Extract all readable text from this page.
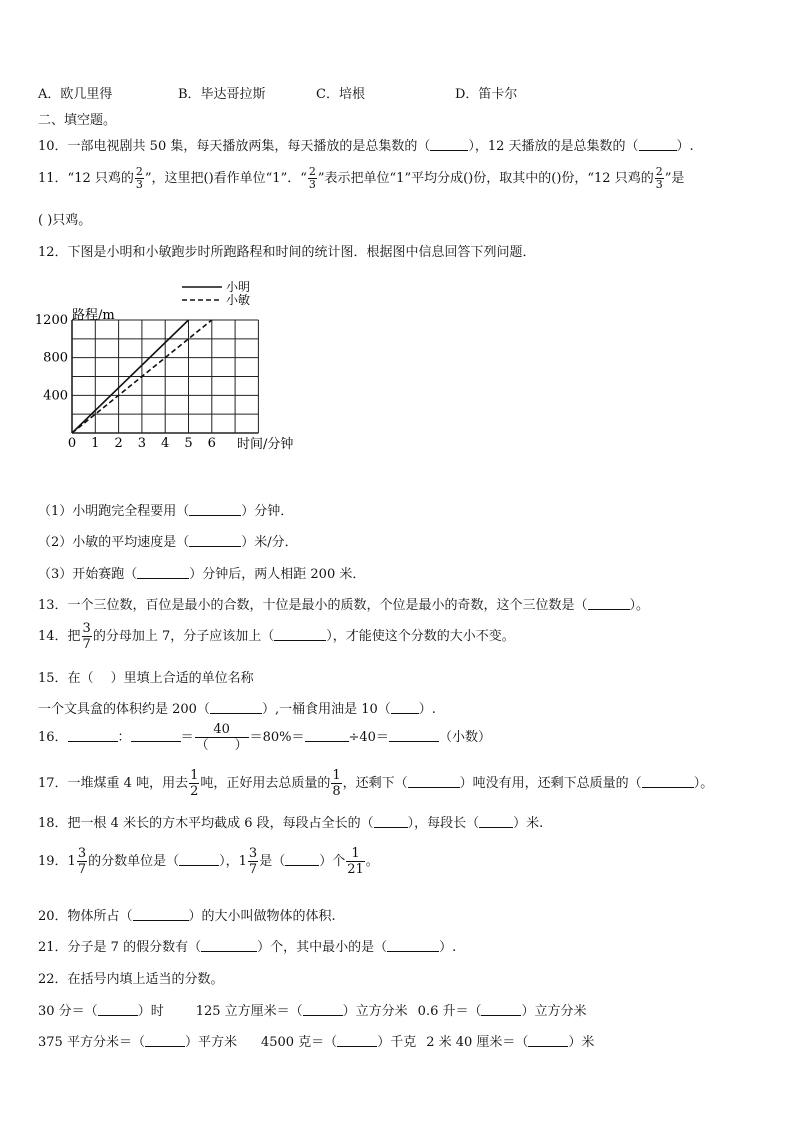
A．欧几里得	B．毕达哥拉斯	C．培根	D．笛卡尔
二、填空题。
10．一部电视剧共 50 集，每天播放两集，每天播放的是总集数的（	），12 天播放的是总集数的（	）.
11．“12 只鸡的 $\frac{2}{3}$ ”，这里把()看作单位“1”．“ $\frac{2}{3}$ ”表示把单位“1”平均分成()份，取其中的()份，“12 只鸡的 $\frac{2}{3}$ ”是
( )只鸡。
12．下图是小明和小敏跑步时所跑路程和时间的统计图．根据图中信息回答下列问题．
小明
小敏
路程/m
时间/分钟
0 1 2 3 4 5 6
400
800
1200
（1）小明跑完全程要用（	）分钟．
（2）小敏的平均速度是（	）米/分．
（3）开始赛跑（	）分钟后，两人相距 200 米．
13．一个三位数，百位是最小的合数，十位是最小的质数，个位是最小的奇数，这个三位数是（	）。
14．把 $\frac{3}{7}$ 的分母加上 7，分子应该加上（	），才能使这个分数的大小不变。
15．在（　 ）里填上合适的单位名称
一个文具盒的体积约是 200（	）,一桶食用油是 10（ ）.
16．	：	＝ $\frac{40}{( )} =80\%=$	÷40＝	（小数）
17．一堆煤重 4 吨，用去 $\frac{1}{2}$ 吨，正好用去总质量的 $\frac{1}{8}$ ，还剩下（	）吨没有用，还剩下总质量的（	）。
18．把一根 4 米长的方木平均截成 6 段，每段占全长的（	），每段长（	）米.
19．$1 \frac{3}{7}$ 的分数单位是（	），$1 \frac{3}{7}$ 是（	）个 $\frac{1}{21}$ 。
20．物体所占（	）的大小叫做物体的体积.
21．分子是 7 的假分数有（	）个，其中最小的是（	）.
22．在括号内填上适当的分数。
30 分＝（	）时 125 立方厘米＝（	）立方分米 0.6 升＝（	）立方分米
375 平方分米＝（	）平方米 4500 克＝（	）千克 2 米 40 厘米＝（	）米
